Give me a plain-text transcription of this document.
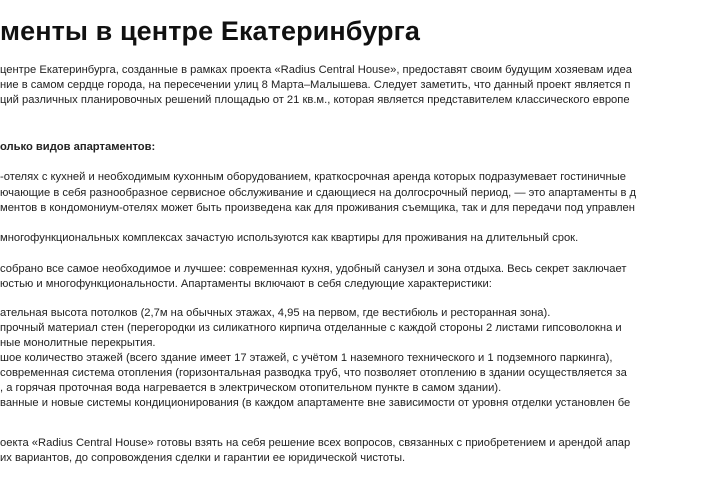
менты в центре Екатеринбурга

центре Екатеринбурга, созданные в рамках проекта «Radius Central House», предоставят своим будущим хозяевам идеа

ние в самом сердце города, на пересечении улиц 8 Марта–Малышева. Следует заметить, что данный проект является п

ций различных планировочных решений площадью от 21 кв.м., которая является представителем классического европе

олько видов апартаментов:

-отелях с кухней и необходимым кухонным оборудованием, краткосрочная аренда которых подразумевает гостиничные

ючающие в себя разнообразное сервисное обслуживание и сдающиеся на долгосрочный период, — это апартаменты в д

ментов в кондомониум-отелях может быть произведена как для проживания съемщика, так и для передачи под управлен

многофункциональных комплексах зачастую используются как квартиры для проживания на длительный срок.

собрано все самое необходимое и лучшее: современная кухня, удобный санузел и зона отдыха. Весь секрет заключает

юстью и многофункциональности. Апартаменты включают в себя следующие характеристики:

ательная высота потолков (2,7м на обычных этажах, 4,95 на первом, где вестибюль и ресторанная зона).

прочный материал стен (перегородки из силикатного кирпича отделанные с каждой стороны 2 листами гипсоволокна и

ные монолитные перекрытия.

шое количество этажей (всего здание имеет 17 этажей, с учётом 1 наземного технического и 1 подземного паркинга),

современная система отопления (горизонтальная разводка труб, что позволяет отоплению в здании осуществляется за

, а горячая проточная вода нагревается в электрическом отопительном пункте в самом здании).

ванные и новые системы кондиционирования (в каждом апартаменте вне зависимости от уровня отделки установлен бе

оекта «Radius Central House» готовы взять на себя решение всех вопросов, связанных с приобретением и арендой апар

их вариантов, до сопровождения сделки и гарантии ее юридической чистоты.
